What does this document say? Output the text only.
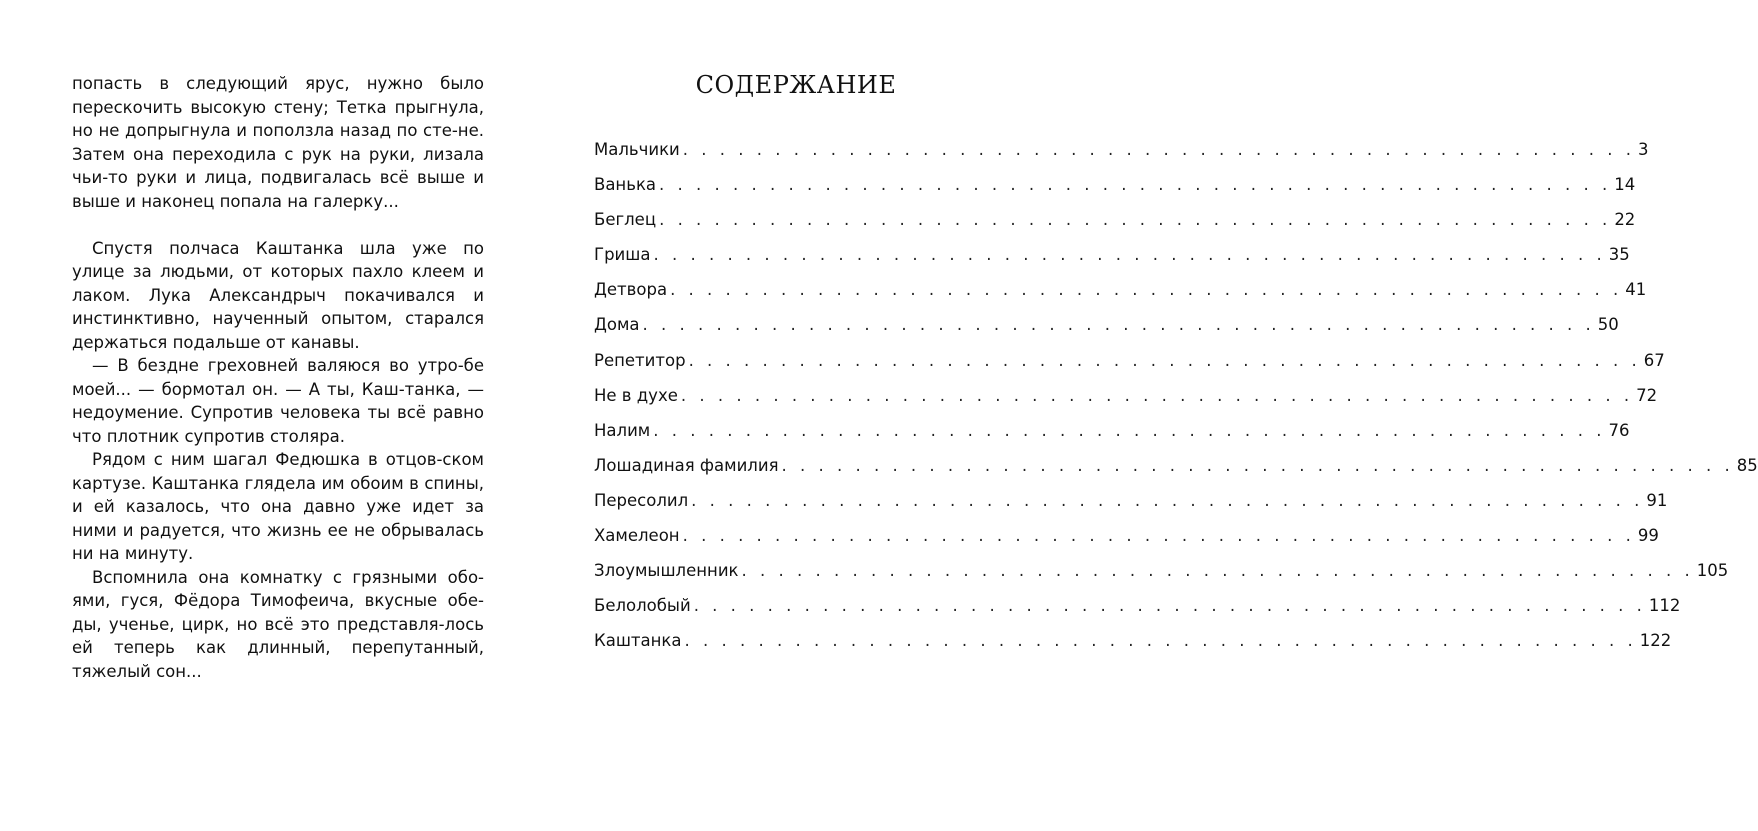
попасть в следующий ярус, нужно было перескочить высокую стену; Тетка прыгнула, но не допрыгнула и поползла назад по сте-не. Затем она переходила с рук на руки, лизала чьи-то руки и лица, подвигалась всё выше и выше и наконец попала на галерку...

Спустя полчаса Каштанка шла уже по улице за людьми, от которых пахло клеем и лаком. Лука Александрыч покачивался и инстинктивно, наученный опытом, старался держаться подальше от канавы.

— В бездне греховней валяюся во утро-бе моей... — бормотал он. — А ты, Каш-танка, — недоумение. Супротив человека ты всё равно что плотник супротив столяра.

Рядом с ним шагал Федюшка в отцов-ском картузе. Каштанка глядела им обоим в спины, и ей казалось, что она давно уже идет за ними и радуется, что жизнь ее не обрывалась ни на минуту.

Вспомнила она комнатку с грязными обо-ями, гуся, Фёдора Тимофеича, вкусные обе-ды, ученье, цирк, но всё это представля-лось ей теперь как длинный, перепутанный, тяжелый сон...

СОДЕРЖАНИЕ
Мальчики . . . . . . . . . . . . . . . . . . . . . . . . . . . . . . . . . . . . . . . . . . . . . . . . . . . . 3
Ванька . . . . . . . . . . . . . . . . . . . . . . . . . . . . . . . . . . . . . . . . . . . . . . . . . . . . 14
Беглец . . . . . . . . . . . . . . . . . . . . . . . . . . . . . . . . . . . . . . . . . . . . . . . . . . . . 22
Гриша . . . . . . . . . . . . . . . . . . . . . . . . . . . . . . . . . . . . . . . . . . . . . . . . . . . . 35
Детвора . . . . . . . . . . . . . . . . . . . . . . . . . . . . . . . . . . . . . . . . . . . . . . . . . . . . 41
Дома . . . . . . . . . . . . . . . . . . . . . . . . . . . . . . . . . . . . . . . . . . . . . . . . . . . . 50
Репетитор . . . . . . . . . . . . . . . . . . . . . . . . . . . . . . . . . . . . . . . . . . . . . . . . . . . . 67
Не в духе . . . . . . . . . . . . . . . . . . . . . . . . . . . . . . . . . . . . . . . . . . . . . . . . . . . . 72
Налим . . . . . . . . . . . . . . . . . . . . . . . . . . . . . . . . . . . . . . . . . . . . . . . . . . . . 76
Лошадиная фамилия . . . . . . . . . . . . . . . . . . . . . . . . . . . . . . . . . . . . . . . . . . . . . . . . . . . . 85
Пересолил . . . . . . . . . . . . . . . . . . . . . . . . . . . . . . . . . . . . . . . . . . . . . . . . . . . . 91
Хамелеон . . . . . . . . . . . . . . . . . . . . . . . . . . . . . . . . . . . . . . . . . . . . . . . . . . . . 99
Злоумышленник . . . . . . . . . . . . . . . . . . . . . . . . . . . . . . . . . . . . . . . . . . . . . . . . . . . . 105
Белолобый . . . . . . . . . . . . . . . . . . . . . . . . . . . . . . . . . . . . . . . . . . . . . . . . . . . . 112
Каштанка . . . . . . . . . . . . . . . . . . . . . . . . . . . . . . . . . . . . . . . . . . . . . . . . . . . . 122
